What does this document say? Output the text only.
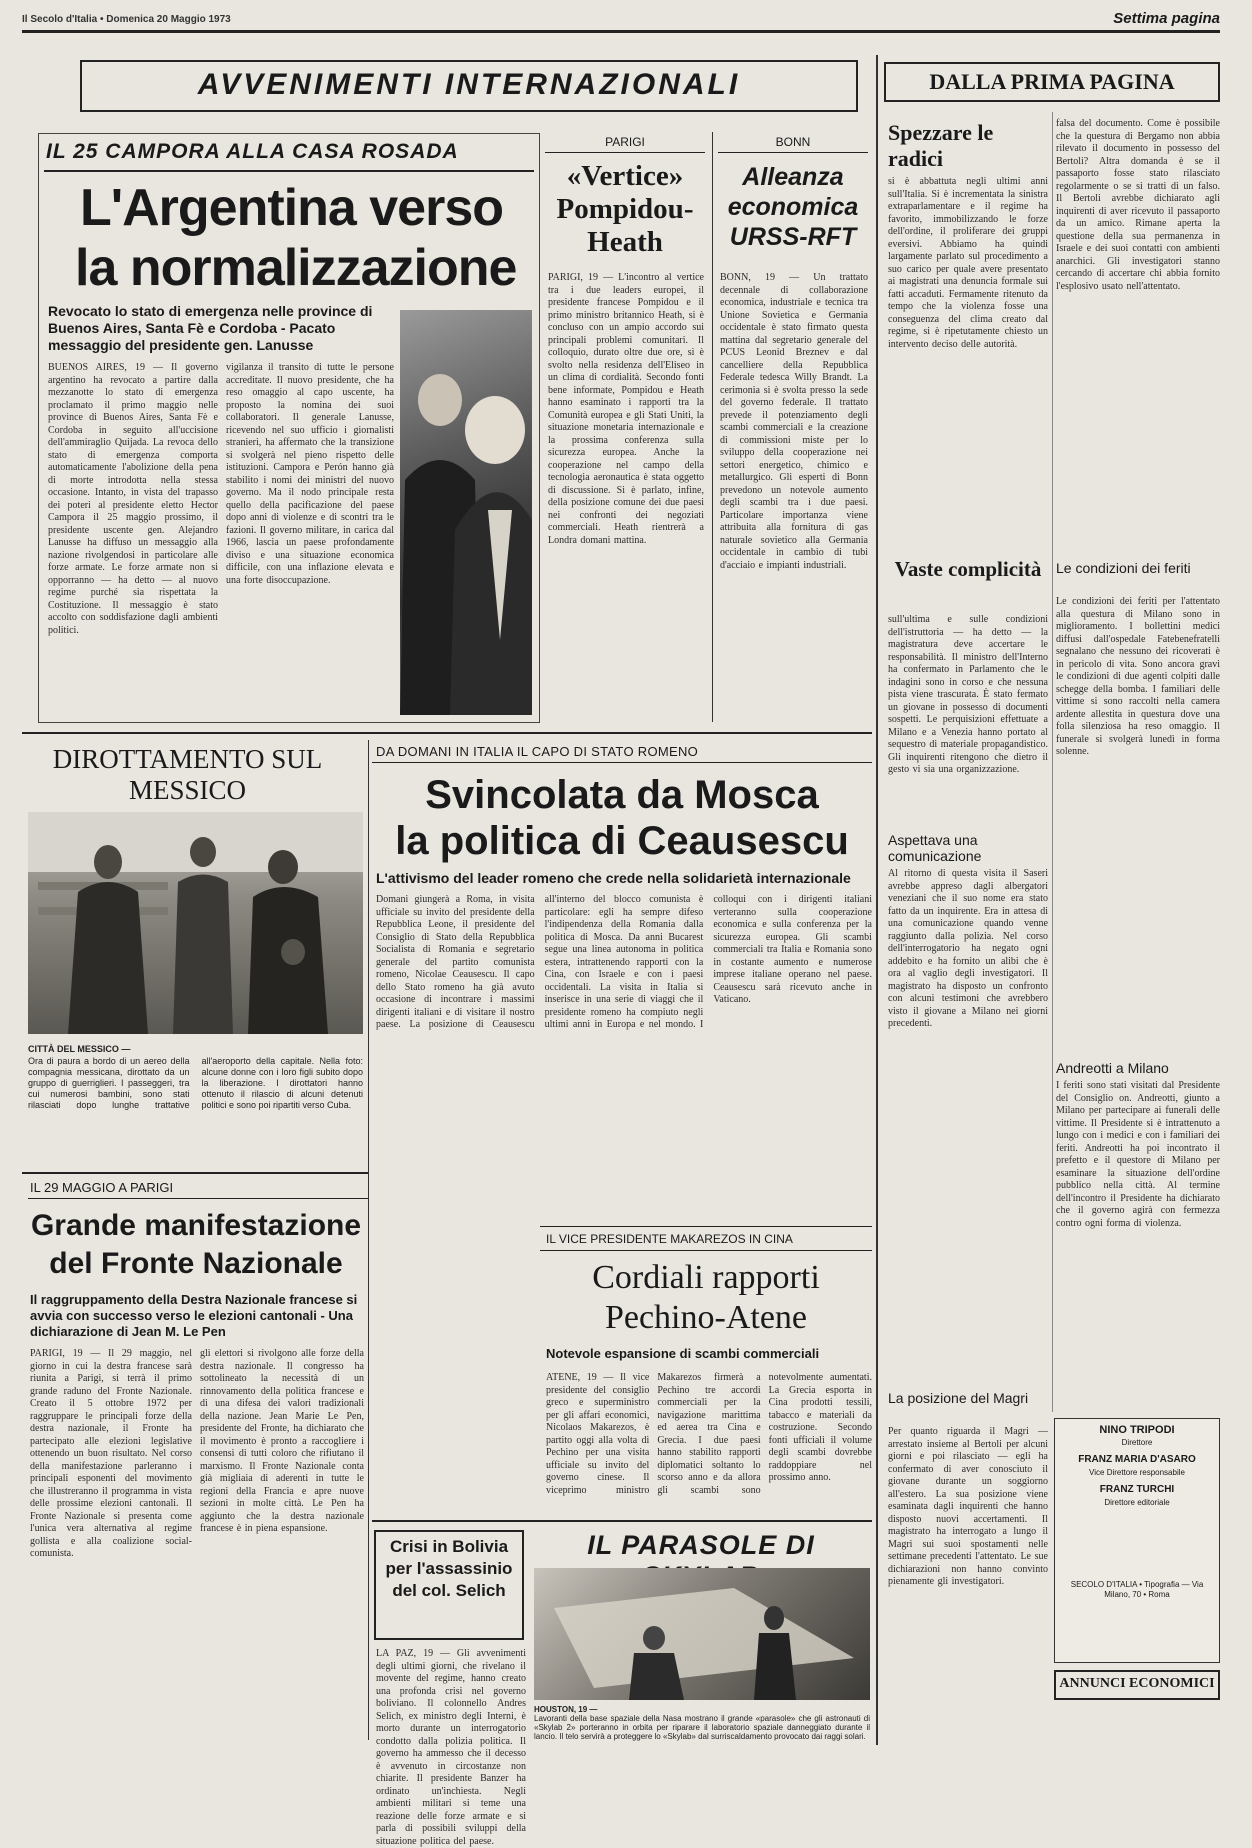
Il Secolo d'Italia • Domenica 20 Maggio 1973	Settima pagina
AVVENIMENTI INTERNAZIONALI
IL 25 CAMPORA ALLA CASA ROSADA
L'Argentina verso
la normalizzazione
Revocato lo stato di emergenza nelle province di Buenos Aires, Santa Fè e Cordoba - Pacato messaggio del presidente gen. Lanusse
BUENOS AIRES, 19 — Il governo argentino ha revocato a partire dalla mezzanotte lo stato di emergenza proclamato il primo maggio nelle province di Buenos Aires, Santa Fè e Cordoba in seguito all'uccisione dell'ammiraglio Quijada. La revoca dello stato di emergenza comporta automaticamente l'abolizione della pena di morte introdotta nella stessa occasione. Intanto, in vista del trapasso dei poteri al presidente eletto Hector Campora il 25 maggio prossimo, il presidente uscente gen. Alejandro Lanusse ha diffuso un messaggio alla nazione rivolgendosi in particolare alle forze armate. Le forze armate non si opporranno — ha detto — al nuovo regime purché sia rispettata la Costituzione. Il messaggio è stato accolto con soddisfazione dagli ambienti politici.
vigilanza il transito di tutte le persone accreditate. Il nuovo presidente, che ha reso omaggio al capo uscente, ha proposto la nomina dei suoi collaboratori. Il generale Lanusse, ricevendo nel suo ufficio i giornalisti stranieri, ha affermato che la transizione si svolgerà nel pieno rispetto delle istituzioni. Campora e Perón hanno già stabilito i nomi dei ministri del nuovo governo. Ma il nodo principale resta quello della pacificazione del paese dopo anni di violenze e di scontri tra le fazioni. Il governo militare, in carica dal 1966, lascia un paese profondamente diviso e una situazione economica difficile, con una inflazione elevata e una forte disoccupazione.
PARIGI
«Vertice» Pompidou-Heath
PARIGI, 19 — L'incontro al vertice tra i due leaders europei, il presidente francese Pompidou e il primo ministro britannico Heath, si è concluso con un ampio accordo sui principali problemi comunitari. Il colloquio, durato oltre due ore, si è svolto nella residenza dell'Eliseo in un clima di cordialità. Secondo fonti bene informate, Pompidou e Heath hanno esaminato i rapporti tra la Comunità europea e gli Stati Uniti, la situazione monetaria internazionale e la prossima conferenza sulla sicurezza europea. Anche la cooperazione nel campo della tecnologia aeronautica è stata oggetto di discussione. Si è parlato, infine, della posizione comune dei due paesi nei confronti dei negoziati commerciali. Heath rientrerà a Londra domani mattina.
BONN
Alleanza economica URSS-RFT
BONN, 19 — Un trattato decennale di collaborazione economica, industriale e tecnica tra Unione Sovietica e Germania occidentale è stato firmato questa mattina dal segretario generale del PCUS Leonid Breznev e dal cancelliere della Repubblica Federale tedesca Willy Brandt. La cerimonia si è svolta presso la sede del governo federale. Il trattato prevede il potenziamento degli scambi commerciali e la creazione di commissioni miste per lo sviluppo della cooperazione nei settori energetico, chimico e metallurgico. Gli esperti di Bonn prevedono un notevole aumento degli scambi tra i due paesi. Particolare importanza viene attribuita alla fornitura di gas naturale sovietico alla Germania occidentale in cambio di tubi d'acciaio e impianti industriali.
DALLA PRIMA PAGINA
Spezzare le radici
si è abbattuta negli ultimi anni sull'Italia. Si è incrementata la sinistra extraparlamentare e il regime ha favorito, immobilizzando le forze dell'ordine, il proliferare dei gruppi eversivi. Abbiamo ha quindi largamente parlato sul procedimento a suo carico per quale avere presentato ai magistrati una denuncia formale sui fatti accaduti. Fermamente ritenuto da tempo che la violenza fosse una conseguenza del clima creato dal regime, si è ripetutamente chiesto un intervento deciso delle autorità.
Vaste complicità
sull'ultima e sulle condizioni dell'istruttoria — ha detto — la magistratura deve accertare le responsabilità. Il ministro dell'Interno ha confermato in Parlamento che le indagini sono in corso e che nessuna pista viene trascurata. È stato fermato un giovane in possesso di documenti sospetti. Le perquisizioni effettuate a Milano e a Venezia hanno portato al sequestro di materiale propagandistico. Gli inquirenti ritengono che dietro il gesto vi sia una organizzazione.
Aspettava una comunicazione
Al ritorno di questa visita il Saseri avrebbe appreso dagli albergatori veneziani che il suo nome era stato fatto da un inquirente. Era in attesa di una comunicazione quando venne raggiunto dalla polizia. Nel corso dell'interrogatorio ha negato ogni addebito e ha fornito un alibi che è ora al vaglio degli investigatori. Il magistrato ha disposto un confronto con alcuni testimoni che avrebbero visto il giovane a Milano nei giorni precedenti.
La posizione del Magri
Per quanto riguarda il Magri — arrestato insieme al Bertoli per alcuni giorni e poi rilasciato — egli ha confermato di aver conosciuto il giovane durante un soggiorno all'estero. La sua posizione viene esaminata dagli inquirenti che hanno disposto nuovi accertamenti. Il magistrato ha interrogato a lungo il Magri sui suoi spostamenti nelle settimane precedenti l'attentato. Le sue dichiarazioni non hanno convinto pienamente gli investigatori.
falsa del documento. Come è possibile che la questura di Bergamo non abbia rilevato il documento in possesso del Bertoli? Altra domanda è se il passaporto fosse stato rilasciato regolarmente o se si tratti di un falso. Il Bertoli avrebbe dichiarato agli inquirenti di aver ricevuto il passaporto da un amico. Rimane aperta la questione della sua permanenza in Israele e dei suoi contatti con ambienti anarchici. Gli investigatori stanno cercando di accertare chi abbia fornito l'esplosivo usato nell'attentato.
Le condizioni dei feriti
Le condizioni dei feriti per l'attentato alla questura di Milano sono in miglioramento. I bollettini medici diffusi dall'ospedale Fatebenefratelli segnalano che nessuno dei ricoverati è in pericolo di vita. Sono ancora gravi le condizioni di due agenti colpiti dalle schegge della bomba. I familiari delle vittime si sono raccolti nella camera ardente allestita in questura dove una folla silenziosa ha reso omaggio. Il funerale si svolgerà lunedì in forma solenne.
Andreotti a Milano
I feriti sono stati visitati dal Presidente del Consiglio on. Andreotti, giunto a Milano per partecipare ai funerali delle vittime. Il Presidente si è intrattenuto a lungo con i medici e con i familiari dei feriti. Andreotti ha poi incontrato il prefetto e il questore di Milano per esaminare la situazione dell'ordine pubblico nella città. Al termine dell'incontro il Presidente ha dichiarato che il governo agirà con fermezza contro ogni forma di violenza.
NINO TRIPODI
Direttore
FRANZ MARIA D'ASARO
Vice Direttore responsabile
FRANZ TURCHI
Direttore editoriale
SECOLO D'ITALIA • Tipografia — Via Milano, 70 • Roma
ANNUNCI ECONOMICI
DIROTTAMENTO SUL MESSICO
CITTÀ DEL MESSICO —
Ora di paura a bordo di un aereo della compagnia messicana, dirottato da un gruppo di guerriglieri. I passeggeri, tra cui numerosi bambini, sono stati rilasciati dopo lunghe trattative all'aeroporto della capitale. Nella foto: alcune donne con i loro figli subito dopo la liberazione. I dirottatori hanno ottenuto il rilascio di alcuni detenuti politici e sono poi ripartiti verso Cuba.
DA DOMANI IN ITALIA IL CAPO DI STATO ROMENO
Svincolata da Mosca
la politica di Ceausescu
L'attivismo del leader romeno che crede nella solidarietà internazionale
Domani giungerà a Roma, in visita ufficiale su invito del presidente della Repubblica Leone, il presidente del Consiglio di Stato della Repubblica Socialista di Romania e segretario generale del partito comunista romeno, Nicolae Ceausescu. Il capo dello Stato romeno ha già avuto occasione di incontrare i massimi dirigenti italiani e di visitare il nostro paese. La posizione di Ceausescu all'interno del blocco comunista è particolare: egli ha sempre difeso l'indipendenza della Romania dalla politica di Mosca. Da anni Bucarest segue una linea autonoma in politica estera, intrattenendo rapporti con la Cina, con Israele e con i paesi occidentali. La visita in Italia si inserisce in una serie di viaggi che il presidente romeno ha compiuto negli ultimi anni in Europa e nel mondo. I colloqui con i dirigenti italiani verteranno sulla cooperazione economica e sulla conferenza per la sicurezza europea. Gli scambi commerciali tra Italia e Romania sono in costante aumento e numerose imprese italiane operano nel paese. Ceausescu sarà ricevuto anche in Vaticano.
IL VICE PRESIDENTE MAKAREZOS IN CINA
Cordiali rapporti
Pechino-Atene
Notevole espansione di scambi commerciali
ATENE, 19 — Il vice presidente del consiglio greco e superministro per gli affari economici, Nicolaos Makarezos, è partito oggi alla volta di Pechino per una visita ufficiale su invito del governo cinese. Il viceprimo ministro Makarezos firmerà a Pechino tre accordi commerciali per la navigazione marittima ed aerea tra Cina e Grecia. I due paesi hanno stabilito rapporti diplomatici soltanto lo scorso anno e da allora gli scambi sono notevolmente aumentati. La Grecia esporta in Cina prodotti tessili, tabacco e materiali da costruzione. Secondo fonti ufficiali il volume degli scambi dovrebbe raddoppiare nel prossimo anno.
Crisi in Bolivia per l'assassinio del col. Selich
LA PAZ, 19 — Gli avvenimenti degli ultimi giorni, che rivelano il movente del regime, hanno creato una profonda crisi nel governo boliviano. Il colonnello Andres Selich, ex ministro degli Interni, è morto durante un interrogatorio condotto dalla polizia politica. Il governo ha ammesso che il decesso è avvenuto in circostanze non chiarite. Il presidente Banzer ha ordinato un'inchiesta. Negli ambienti militari si teme una reazione delle forze armate e si parla di possibili sviluppi della situazione politica del paese.
IL PARASOLE DI
HOUSTON, 19 —
Lavoranti della base spaziale della Nasa mostrano il grande «parasole» che gli astronauti di «Skylab 2» porteranno in orbita per riparare il laboratorio spaziale danneggiato durante il lancio. Il telo servirà a proteggere lo «Skylab» dal surriscaldamento provocato dai raggi solari.
IL 29 MAGGIO A PARIGI
Grande manifestazione
del Fronte Nazionale
Il raggruppamento della Destra Nazionale francese si avvia con successo verso le elezioni cantonali - Una dichiarazione di Jean M. Le Pen
PARIGI, 19 — Il 29 maggio, nel giorno in cui la destra francese sarà riunita a Parigi, si terrà il primo grande raduno del Fronte Nazionale. Creato il 5 ottobre 1972 per raggruppare le principali forze della destra nazionale, il Fronte ha partecipato alle elezioni legislative ottenendo un buon risultato. Nel corso della manifestazione parleranno i principali esponenti del movimento che illustreranno il programma in vista delle prossime elezioni cantonali. Il Fronte Nazionale si presenta come l'unica vera alternativa al regime gollista e alla coalizione social-comunista.
gli elettori si rivolgono alle forze della destra nazionale. Il congresso ha sottolineato la necessità di un rinnovamento della politica francese e di una difesa dei valori tradizionali della nazione. Jean Marie Le Pen, presidente del Fronte, ha dichiarato che il movimento è pronto a raccogliere i consensi di tutti coloro che rifiutano il marxismo. Il Fronte Nazionale conta già migliaia di aderenti in tutte le regioni della Francia e apre nuove sezioni in molte città. Le Pen ha aggiunto che la destra nazionale francese è in piena espansione.
